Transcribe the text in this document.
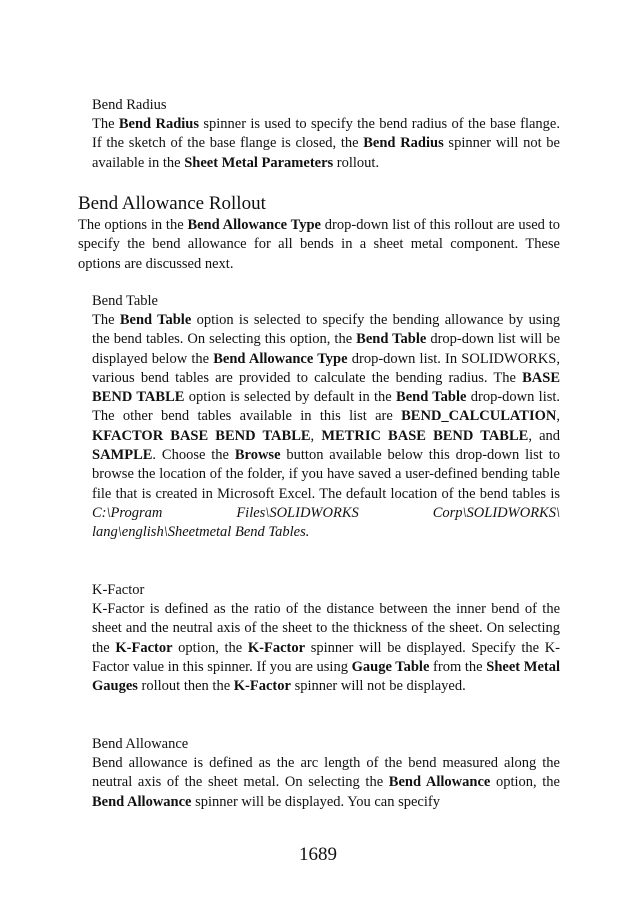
Bend Radius

The Bend Radius spinner is used to specify the bend radius of the base flange. If the sketch of the base flange is closed, the Bend Radius spinner will not be available in the Sheet Metal Parameters rollout.

Bend Allowance Rollout

The options in the Bend Allowance Type drop-down list of this rollout are used to specify the bend allowance for all bends in a sheet metal component. These options are discussed next.

Bend Table

The Bend Table option is selected to specify the bending allowance by using the bend tables. On selecting this option, the Bend Table drop-down list will be displayed below the Bend Allowance Type drop-down list. In SOLIDWORKS, various bend tables are provided to calculate the bending radius. The BASE BEND TABLE option is selected by default in the Bend Table drop-down list. The other bend tables available in this list are BEND_CALCULATION, KFACTOR BASE BEND TABLE, METRIC BASE BEND TABLE, and SAMPLE. Choose the Browse button available below this drop-down list to browse the location of the folder, if you have saved a user-defined bending table file that is created in Microsoft Excel. The default location of the bend tables is C:\Program Files\SOLIDWORKS Corp\SOLIDWORKS\ lang\english\Sheetmetal Bend Tables.

K-Factor

K-Factor is defined as the ratio of the distance between the inner bend of the sheet and the neutral axis of the sheet to the thickness of the sheet. On selecting the K-Factor option, the K-Factor spinner will be displayed. Specify the K-Factor value in this spinner. If you are using Gauge Table from the Sheet Metal Gauges rollout then the K-Factor spinner will not be displayed.

Bend Allowance

Bend allowance is defined as the arc length of the bend measured along the neutral axis of the sheet metal. On selecting the Bend Allowance option, the Bend Allowance spinner will be displayed. You can specify

1689
